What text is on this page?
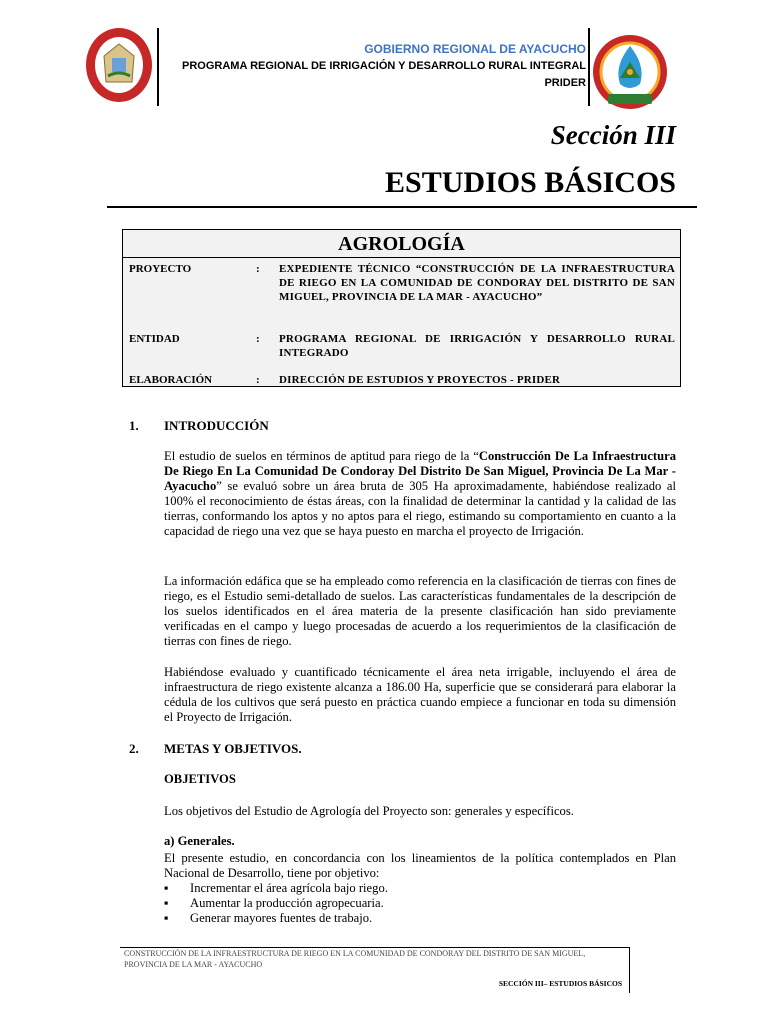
GOBIERNO REGIONAL DE AYACUCHO
PROGRAMA REGIONAL DE IRRIGACIÓN Y DESARROLLO RURAL INTEGRAL
PRIDER
Sección III
ESTUDIOS BÁSICOS
AGROLOGÍA
PROYECTO	: EXPEDIENTE TÉCNICO “CONSTRUCCIÓN DE LA INFRAESTRUCTURA DE RIEGO EN LA COMUNIDAD DE CONDORAY DEL DISTRITO DE SAN MIGUEL, PROVINCIA DE LA MAR - AYACUCHO”
ENTIDAD	: PROGRAMA REGIONAL DE IRRIGACIÓN Y DESARROLLO RURAL INTEGRADO
ELABORACIÓN	: DIRECCIÓN DE ESTUDIOS Y PROYECTOS - PRIDER
1. INTRODUCCIÓN
El estudio de suelos en términos de aptitud para riego de la “Construcción De La Infraestructura De Riego En La Comunidad De Condoray Del Distrito De San Miguel, Provincia De La Mar - Ayacucho” se evaluó sobre un área bruta de 305 Ha aproximadamente, habiéndose realizado al 100% el reconocimiento de éstas áreas, con la finalidad de determinar la cantidad y la calidad de las tierras, conformando los aptos y no aptos para el riego, estimando su comportamiento en cuanto a la capacidad de riego una vez que se haya puesto en marcha el proyecto de Irrigación.
La información edáfica que se ha empleado como referencia en la clasificación de tierras con fines de riego, es el Estudio semi-detallado de suelos. Las características fundamentales de la descripción de los suelos identificados en el área materia de la presente clasificación han sido previamente verificadas en el campo y luego procesadas de acuerdo a los requerimientos de la clasificación de tierras con fines de riego.
Habiéndose evaluado y cuantificado técnicamente el área neta irrigable, incluyendo el área de infraestructura de riego existente alcanza a 186.00 Ha, superficie que se considerará para elaborar la cédula de los cultivos que será puesto en práctica cuando empiece a funcionar en toda su dimensión el Proyecto de Irrigación.
2. METAS Y OBJETIVOS.
OBJETIVOS
Los objetivos del Estudio de Agrología del Proyecto son: generales y específicos.
a) Generales.
El presente estudio, en concordancia con los lineamientos de la política contemplados en Plan Nacional de Desarrollo, tiene por objetivo:
▪ Incrementar el área agrícola bajo riego.
▪ Aumentar la producción agropecuaria.
▪ Generar mayores fuentes de trabajo.
CONSTRUCCIÓN DE LA INFRAESTRUCTURA DE RIEGO EN LA COMUNIDAD DE CONDORAY DEL DISTRITO DE SAN MIGUEL, PROVINCIA DE LA MAR - AYACUCHO
SECCIÓN III– ESTUDIOS BÁSICOS
